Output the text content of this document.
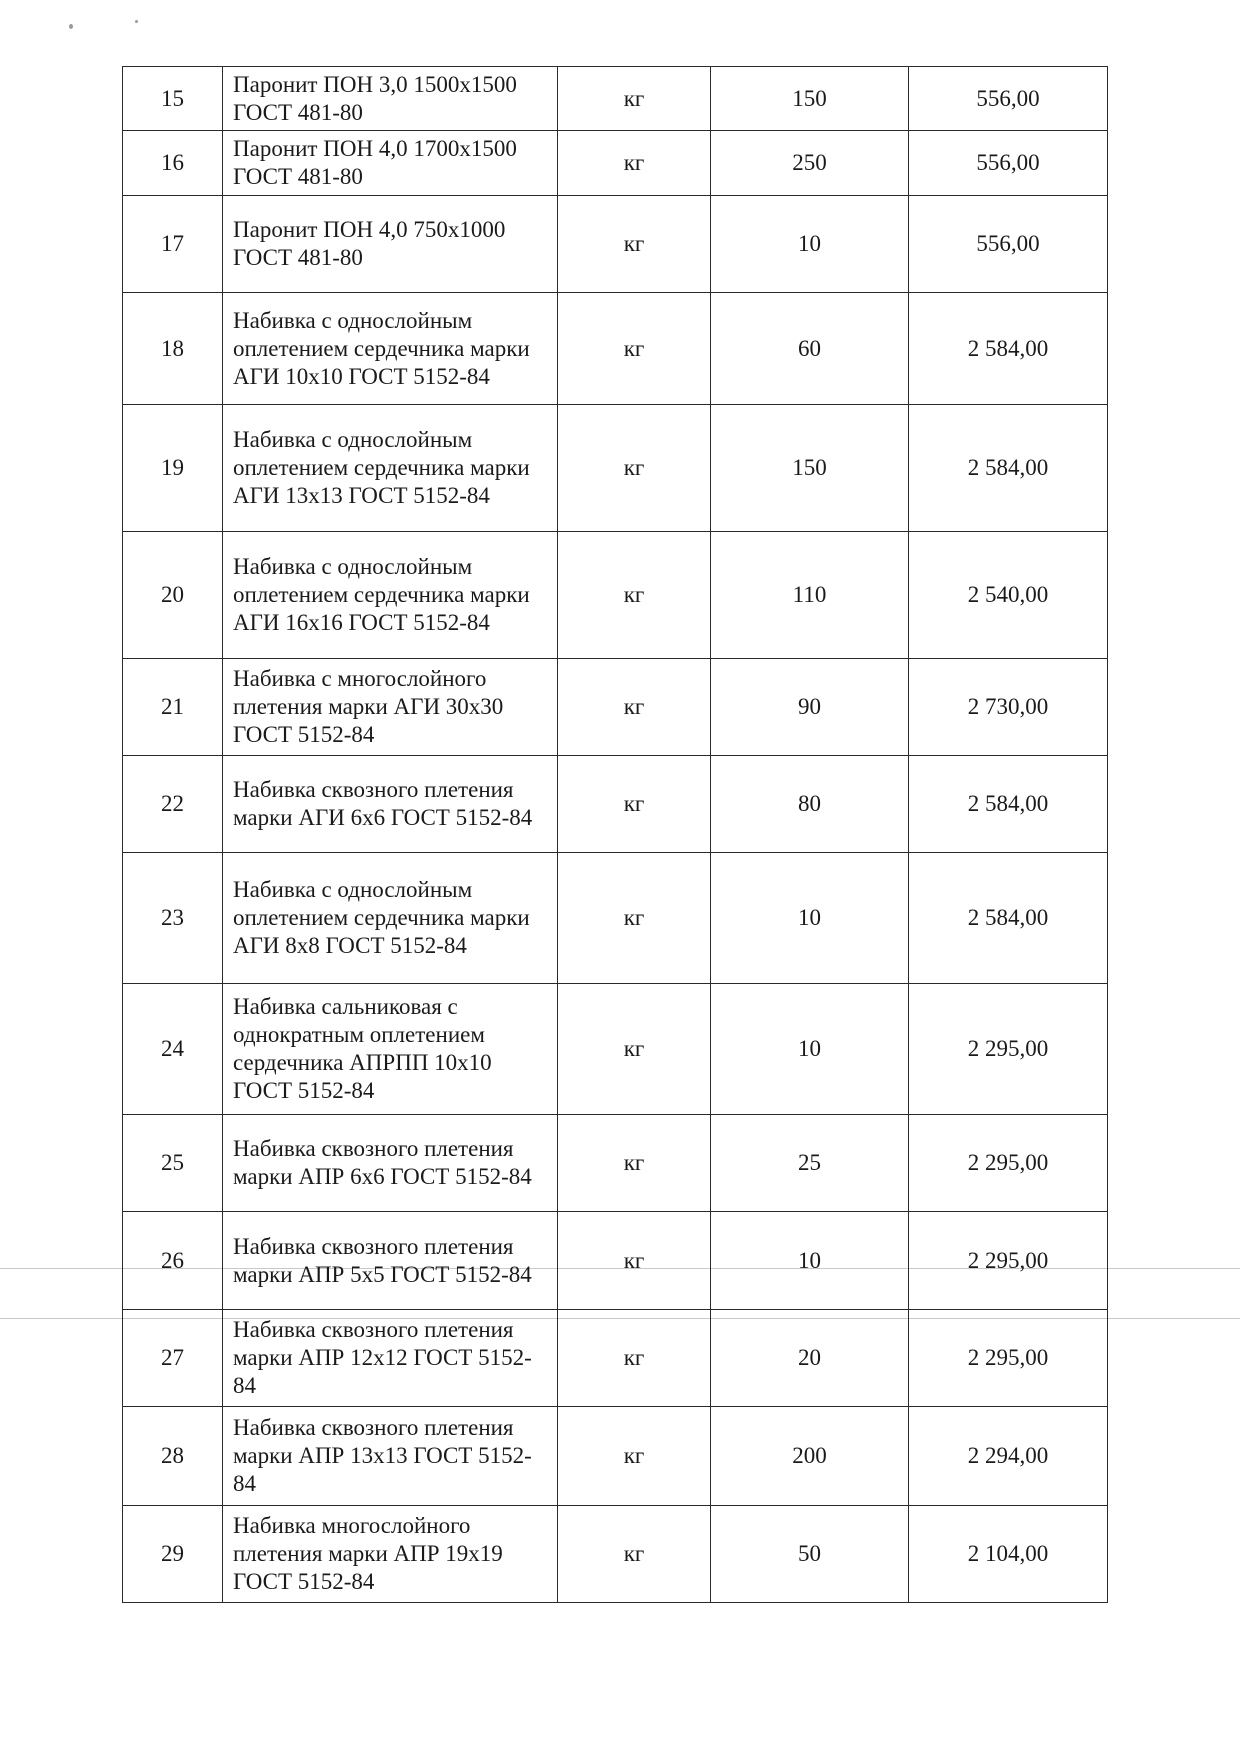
15	Паронит ПОН 3,0 1500х1500 ГОСТ 481-80	кг	150	556,00
16	Паронит ПОН 4,0 1700х1500 ГОСТ 481-80	кг	250	556,00
17	Паронит ПОН 4,0 750х1000 ГОСТ 481-80	кг	10	556,00
18	Набивка с однослойным оплетением сердечника марки АГИ 10х10 ГОСТ 5152-84	кг	60	2 584,00
19	Набивка с однослойным оплетением сердечника марки АГИ 13х13 ГОСТ 5152-84	кг	150	2 584,00
20	Набивка с однослойным оплетением сердечника марки АГИ 16х16 ГОСТ 5152-84	кг	110	2 540,00
21	Набивка с многослойного плетения марки АГИ 30х30 ГОСТ 5152-84	кг	90	2 730,00
22	Набивка сквозного плетения марки АГИ 6х6 ГОСТ 5152-84	кг	80	2 584,00
23	Набивка с однослойным оплетением сердечника марки АГИ 8х8 ГОСТ 5152-84	кг	10	2 584,00
24	Набивка сальниковая с однократным оплетением сердечника АПРПП 10х10 ГОСТ 5152-84	кг	10	2 295,00
25	Набивка сквозного плетения марки АПР 6х6 ГОСТ 5152-84	кг	25	2 295,00
26	Набивка сквозного плетения марки АПР 5х5 ГОСТ 5152-84	кг	10	2 295,00
27	Набивка сквозного плетения марки АПР 12х12 ГОСТ 5152-84	кг	20	2 295,00
28	Набивка сквозного плетения марки АПР 13х13 ГОСТ 5152-84	кг	200	2 294,00
29	Набивка многослойного плетения марки АПР 19х19 ГОСТ 5152-84	кг	50	2 104,00
